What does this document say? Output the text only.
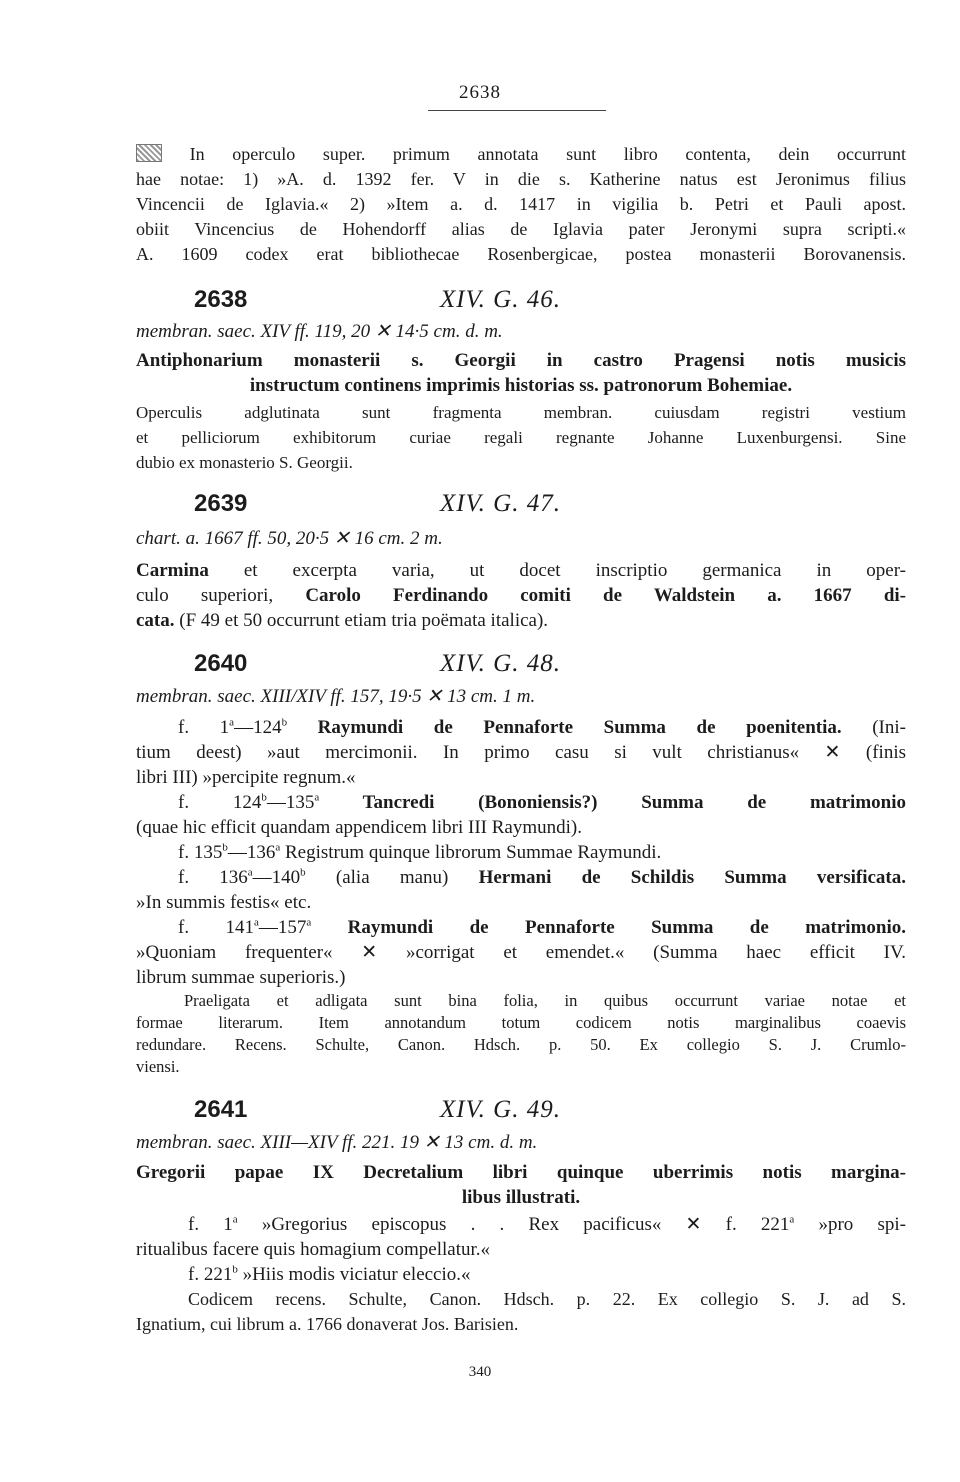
2638
In operculo super. primum annotata sunt libro contenta, dein occurrunt
hae notae: 1) »A. d. 1392 fer. V in die s. Katherine natus est Jeronimus filius
Vincencii de Iglavia.« 2) »Item a. d. 1417 in vigilia b. Petri et Pauli apost.
obiit Vincencius de Hohendorff alias de Iglavia pater Jeronymi supra scripti.«
A. 1609 codex erat bibliothecae Rosenbergicae, postea monasterii Borovanensis.
2638	XIV. G. 46.
membran. saec. XIV ff. 119, 20 ✕ 14·5 cm. d. m.
Antiphonarium monasterii s. Georgii in castro Pragensi notis musicis
instructum continens imprimis historias ss. patronorum Bohemiae.
Operculis adglutinata sunt fragmenta membran. cuiusdam registri vestium
et pelliciorum exhibitorum curiae regali regnante Johanne Luxenburgensi. Sine
dubio ex monasterio S. Georgii.
2639	XIV. G. 47.
chart. a. 1667 ff. 50, 20·5 ✕ 16 cm. 2 m.
Carmina et excerpta varia, ut docet inscriptio germanica in oper-
culo superiori, Carolo Ferdinando comiti de Waldstein a. 1667 di-
cata. (F 49 et 50 occurrunt etiam tria poëmata italica).
2640	XIV. G. 48.
membran. saec. XIII/XIV ff. 157, 19·5 ✕ 13 cm. 1 m.
f. 1$^a$—124$^b$ Raymundi de Pennaforte Summa de poenitentia. (Ini-
tium deest) »aut mercimonii. In primo casu si vult christianus« ✕ (finis
libri III) »percipite regnum.«
f. 124$^b$—135$^a$ Tancredi (Bononiensis?) Summa de matrimonio
(quae hic efficit quandam appendicem libri III Raymundi).
f. 135$^b$—136$^a$ Registrum quinque librorum Summae Raymundi.
f. 136$^a$—140$^b$ (alia manu) Hermani de Schildis Summa versificata.
»In summis festis« etc.
f. 141$^a$—157$^a$ Raymundi de Pennaforte Summa de matrimonio.
»Quoniam frequenter« ✕ »corrigat et emendet.« (Summa haec efficit IV.
librum summae superioris.)
Praeligata et adligata sunt bina folia, in quibus occurrunt variae notae et
formae literarum. Item annotandum totum codicem notis marginalibus coaevis
redundare. Recens. Schulte, Canon. Hdsch. p. 50. Ex collegio S. J. Crumlo-
viensi.
2641	XIV. G. 49.
membran. saec. XIII—XIV ff. 221. 19 ✕ 13 cm. d. m.
Gregorii papae IX Decretalium libri quinque uberrimis notis margina-
libus illustrati.
f. 1$^a$ »Gregorius episcopus . . Rex pacificus« ✕ f. 221$^a$ »pro spi-
ritualibus facere quis homagium compellatur.«
f. 221$^b$ »Hiis modis viciatur eleccio.«
Codicem recens. Schulte, Canon. Hdsch. p. 22. Ex collegio S. J. ad S.
Ignatium, cui librum a. 1766 donaverat Jos. Barisien.
340
